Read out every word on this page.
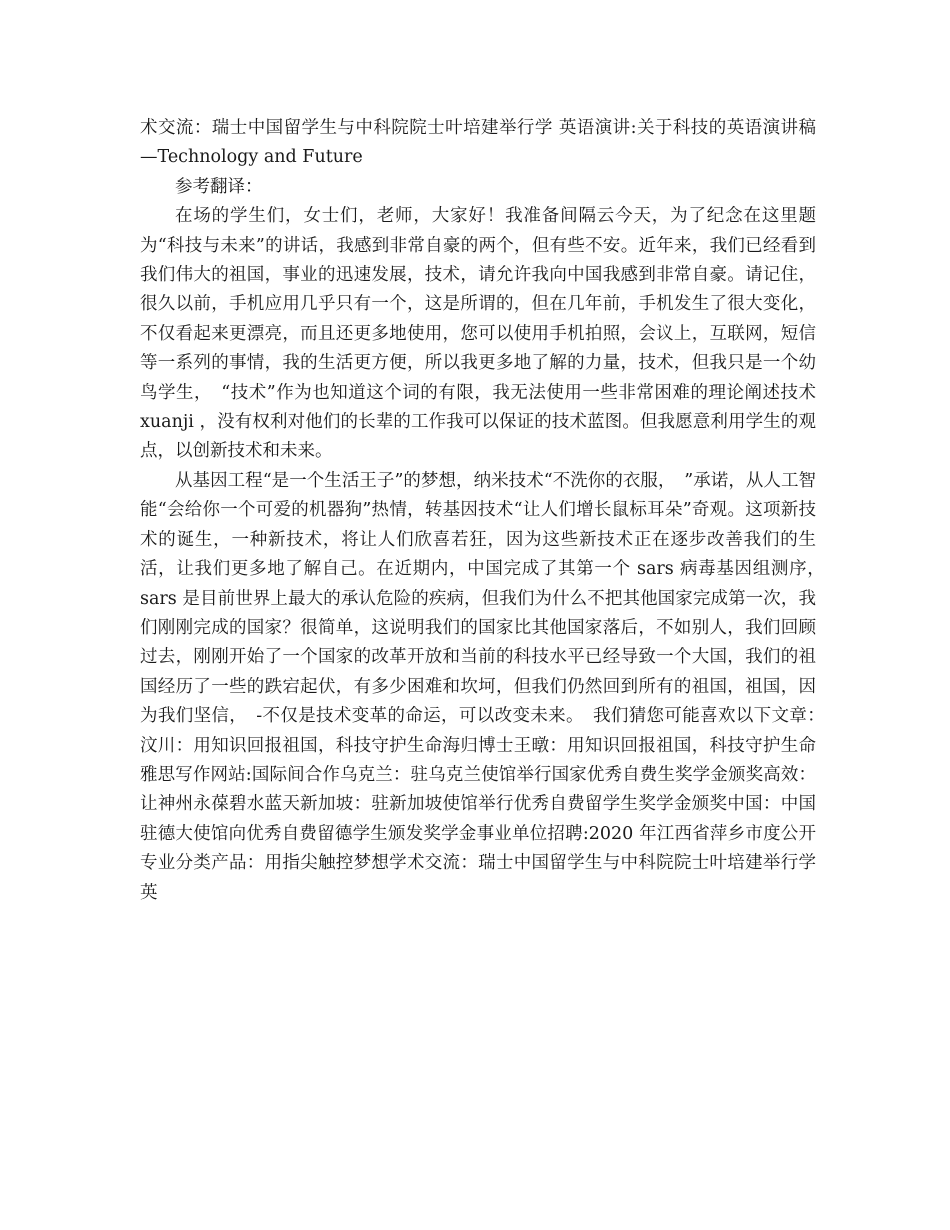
术交流：瑞士中国留学生与中科院院士叶培建举行学 英语演讲:关于科技的英语演讲稿—Technology and Future

参考翻译：

在场的学生们，女士们，老师，大家好！我准备间隔云今天，为了纪念在这里题为“科技与未来”的讲话，我感到非常自豪的两个，但有些不安。近年来，我们已经看到我们伟大的祖国，事业的迅速发展，技术，请允许我向中国我感到非常自豪。请记住，很久以前，手机应用几乎只有一个，这是所谓的，但在几年前，手机发生了很大变化，不仅看起来更漂亮，而且还更多地使用，您可以使用手机拍照，会议上，互联网，短信等一系列的事情，我的生活更方便，所以我更多地了解的力量，技术，但我只是一个幼鸟学生，　“技术”作为也知道这个词的有限，我无法使用一些非常困难的理论阐述技术 xuanji ，没有权利对他们的长辈的工作我可以保证的技术蓝图。但我愿意利用学生的观点，以创新技术和未来。

从基因工程“是一个生活王子”的梦想，纳米技术“不洗你的衣服，　”承诺，从人工智能“会给你一个可爱的机器狗”热情，转基因技术“让人们增长鼠标耳朵”奇观。这项新技术的诞生，一种新技术，将让人们欣喜若狂，因为这些新技术正在逐步改善我们的生活，让我们更多地了解自己。在近期内，中国完成了其第一个 sars 病毒基因组测序，　sars 是目前世界上最大的承认危险的疾病，但我们为什么不把其他国家完成第一次，我们刚刚完成的国家？很简单，这说明我们的国家比其他国家落后，不如别人，我们回顾过去，刚刚开始了一个国家的改革开放和当前的科技水平已经导致一个大国，我们的祖国经历了一些的跌宕起伏，有多少困难和坎坷，但我们仍然回到所有的祖国，祖国，因为我们坚信，　-不仅是技术变革的命运，可以改变未来。　我们猜您可能喜欢以下文章：　汶川：用知识回报祖国，科技守护生命海归博士王暾：用知识回报祖国，科技守护生命雅思写作网站:国际间合作乌克兰：驻乌克兰使馆举行国家优秀自费生奖学金颁奖高效：让神州永葆碧水蓝天新加坡：驻新加坡使馆举行优秀自费留学生奖学金颁奖中国：中国驻德大使馆向优秀自费留德学生颁发奖学金事业单位招聘:2020 年江西省萍乡市度公开专业分类产品：用指尖触控梦想学术交流：瑞士中国留学生与中科院院士叶培建举行学　英
